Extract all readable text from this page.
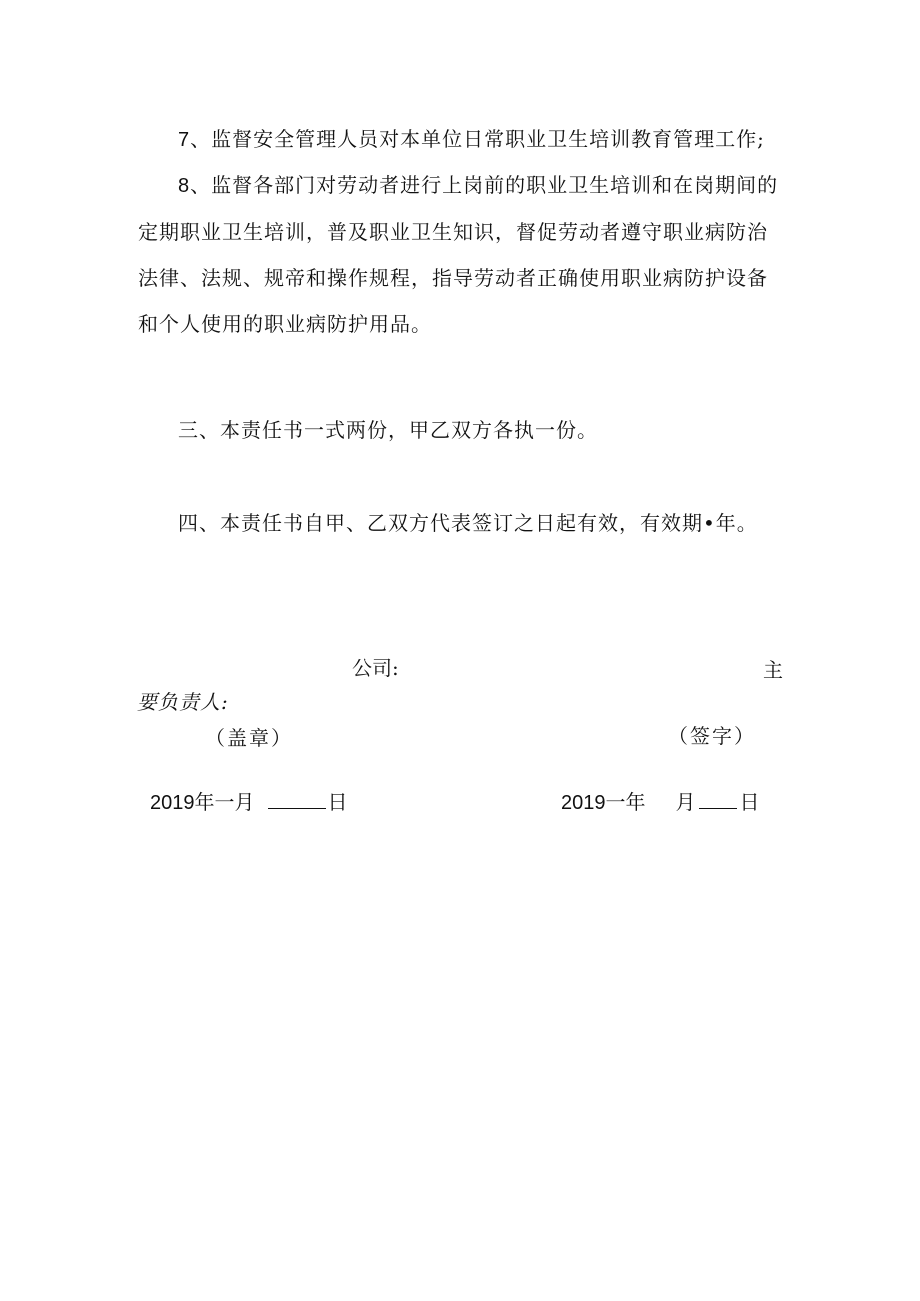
7、监督安全管理人员对本单位日常职业卫生培训教育管理工作;

8、监督各部门对劳动者进行上岗前的职业卫生培训和在岗期间的定期职业卫生培训，普及职业卫生知识，督促劳动者遵守职业病防治法律、法规、规帝和操作规程，指导劳动者正确使用职业病防护设备和个人使用的职业病防护用品。

三、本责任书一式两份，甲乙双方各执一份。

四、本责任书自甲、乙双方代表签订之日起有效，有效期•年。

公司:	主
要负责人:
（盖章）	（签字）
2019年一月	日	2019一年 月 日
